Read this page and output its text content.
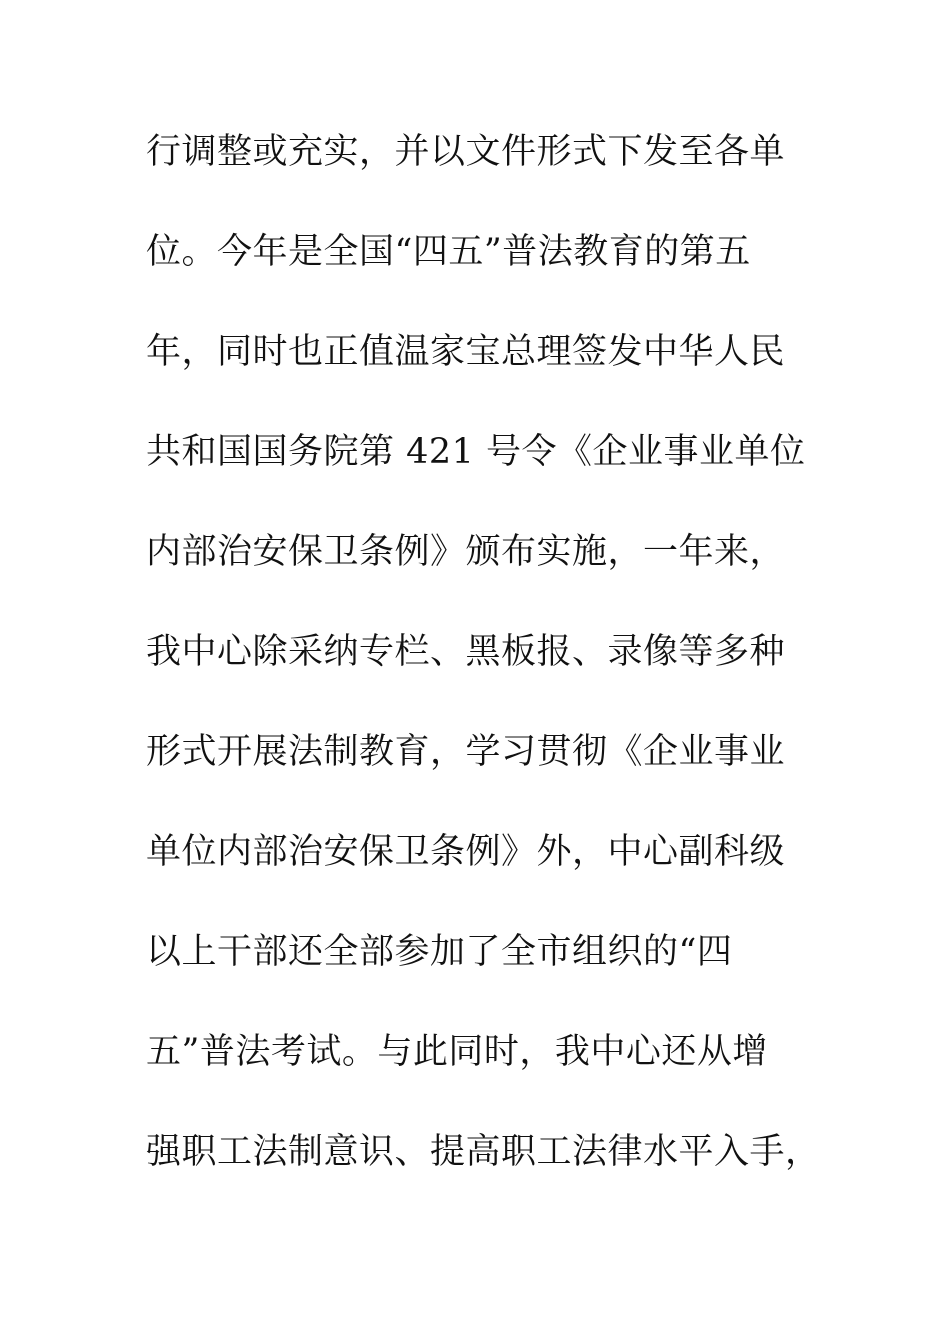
行调整或充实，并以文件形式下发至各单
位。今年是全国“四五”普法教育的第五
年，同时也正值温家宝总理签发中华人民
共和国国务院第 421 号令《企业事业单位
内部治安保卫条例》颁布实施，一年来，
我中心除采纳专栏、黑板报、录像等多种
形式开展法制教育，学习贯彻《企业事业
单位内部治安保卫条例》外，中心副科级
以上干部还全部参加了全市组织的“四
五”普法考试。与此同时，我中心还从增
强职工法制意识、提高职工法律水平入手，
